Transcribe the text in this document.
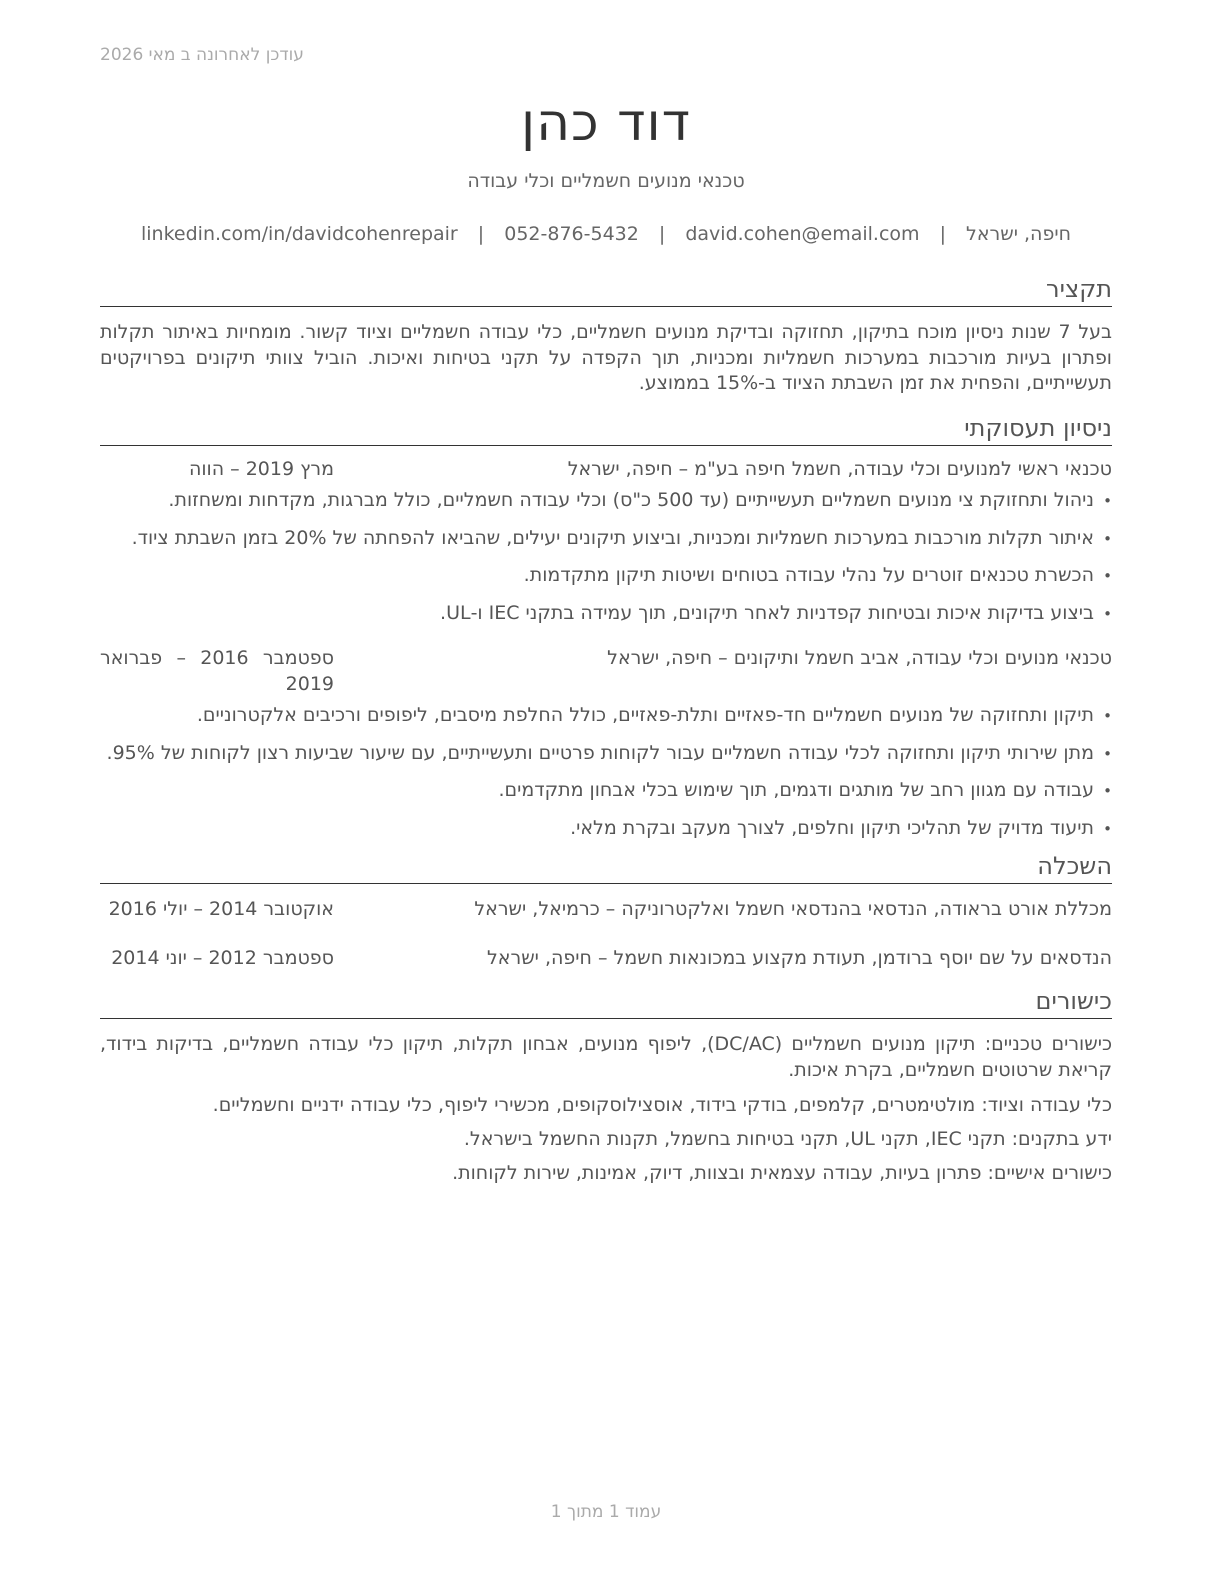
עודכן לאחרונה ב מאי 2026
דוד כהן
טכנאי מנועים חשמליים וכלי עבודה
חיפה, ישראל | david.cohen@email.com | 052-876-5432 | linkedin.com/in/davidcohenrepair
תקציר
בעל 7 שנות ניסיון מוכח בתיקון, תחזוקה ובדיקת מנועים חשמליים, כלי עבודה חשמליים וציוד קשור. מומחיות באיתור תקלות ופתרון בעיות מורכבות במערכות חשמליות ומכניות, תוך הקפדה על תקני בטיחות ואיכות. הוביל צוותי תיקונים בפרויקטים תעשייתיים, והפחית את זמן השבתת הציוד ב-15% בממוצע.
ניסיון תעסוקתי
טכנאי ראשי למנועים וכלי עבודה, חשמל חיפה בע"מ – חיפה, ישראל
מרץ 2019 – הווה
• ניהול ותחזוקת צי מנועים חשמליים תעשייתיים (עד 500 כ"ס) וכלי עבודה חשמליים, כולל מברגות, מקדחות ומשחזות.
• איתור תקלות מורכבות במערכות חשמליות ומכניות, וביצוע תיקונים יעילים, שהביאו להפחתה של 20% בזמן השבתת ציוד.
• הכשרת טכנאים זוטרים על נהלי עבודה בטוחים ושיטות תיקון מתקדמות.
• ביצוע בדיקות איכות ובטיחות קפדניות לאחר תיקונים, תוך עמידה בתקני IEC ו-UL.
טכנאי מנועים וכלי עבודה, אביב חשמל ותיקונים – חיפה, ישראל
ספטמבר 2016 – פברואר 2019
• תיקון ותחזוקה של מנועים חשמליים חד-פאזיים ותלת-פאזיים, כולל החלפת מיסבים, ליפופים ורכיבים אלקטרוניים.
• מתן שירותי תיקון ותחזוקה לכלי עבודה חשמליים עבור לקוחות פרטיים ותעשייתיים, עם שיעור שביעות רצון לקוחות של 95%.
• עבודה עם מגוון רחב של מותגים ודגמים, תוך שימוש בכלי אבחון מתקדמים.
• תיעוד מדויק של תהליכי תיקון וחלפים, לצורך מעקב ובקרת מלאי.
השכלה
מכללת אורט בראודה, הנדסאי בהנדסאי חשמל ואלקטרוניקה – כרמיאל, ישראל
אוקטובר 2014 – יולי 2016
הנדסאים על שם יוסף ברודמן, תעודת מקצוע במכונאות חשמל – חיפה, ישראל
ספטמבר 2012 – יוני 2014
כישורים
כישורים טכניים: תיקון מנועים חשמליים (DC/AC), ליפוף מנועים, אבחון תקלות, תיקון כלי עבודה חשמליים, בדיקות בידוד, קריאת שרטוטים חשמליים, בקרת איכות.
כלי עבודה וציוד: מולטימטרים, קלמפים, בודקי בידוד, אוסצילוסקופים, מכשירי ליפוף, כלי עבודה ידניים וחשמליים.
ידע בתקנים: תקני IEC, תקני UL, תקני בטיחות בחשמל, תקנות החשמל בישראל.
כישורים אישיים: פתרון בעיות, עבודה עצמאית ובצוות, דיוק, אמינות, שירות לקוחות.
עמוד 1 מתוך 1
